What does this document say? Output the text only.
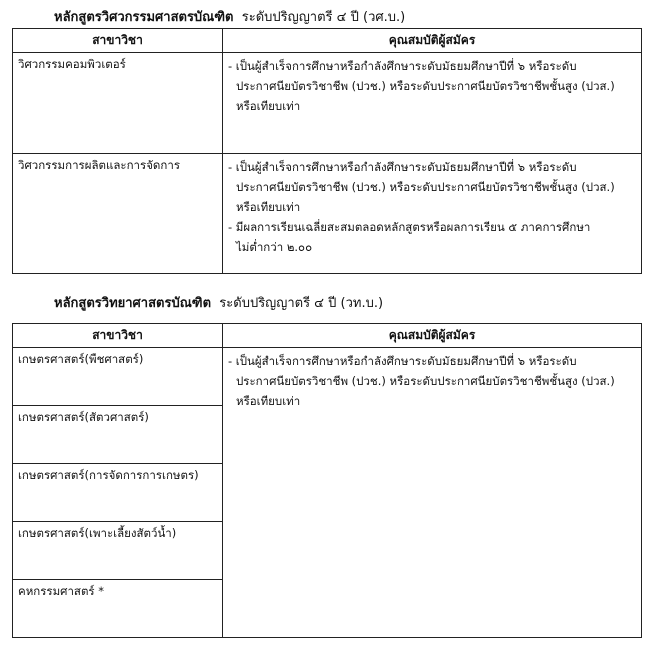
หลักสูตรวิศวกรรมศาสตรบัณฑิต ระดับปริญญาตรี ๔ ปี (วศ.บ.)
สาขาวิชา	คุณสมบัติผู้สมัคร
วิศวกรรมคอมพิวเตอร์	- เป็นผู้สำเร็จการศึกษาหรือกำลังศึกษาระดับมัธยมศึกษาปีที่ ๖ หรือระดับ
ประกาศนียบัตรวิชาชีพ (ปวช.) หรือระดับประกาศนียบัตรวิชาชีพชั้นสูง (ปวส.)
หรือเทียบเท่า

วิศวกรรมการผลิตและการจัดการ	- เป็นผู้สำเร็จการศึกษาหรือกำลังศึกษาระดับมัธยมศึกษาปีที่ ๖ หรือระดับ
ประกาศนียบัตรวิชาชีพ (ปวช.) หรือระดับประกาศนียบัตรวิชาชีพชั้นสูง (ปวส.)
หรือเทียบเท่า
- มีผลการเรียนเฉลี่ยสะสมตลอดหลักสูตรหรือผลการเรียน ๕ ภาคการศึกษา
ไม่ต่ำกว่า ๒.๐๐
หลักสูตรวิทยาศาสตรบัณฑิต ระดับปริญญาตรี ๔ ปี (วท.บ.)
สาขาวิชา	คุณสมบัติผู้สมัคร
เกษตรศาสตร์(พืชศาสตร์)	- เป็นผู้สำเร็จการศึกษาหรือกำลังศึกษาระดับมัธยมศึกษาปีที่ ๖ หรือระดับ
ประกาศนียบัตรวิชาชีพ (ปวช.) หรือระดับประกาศนียบัตรวิชาชีพชั้นสูง (ปวส.)
หรือเทียบเท่า

เกษตรศาสตร์(สัตวศาสตร์)	
เกษตรศาสตร์(การจัดการการเกษตร)	
เกษตรศาสตร์(เพาะเลี้ยงสัตว์น้ำ)	
คหกรรมศาสตร์ *	
